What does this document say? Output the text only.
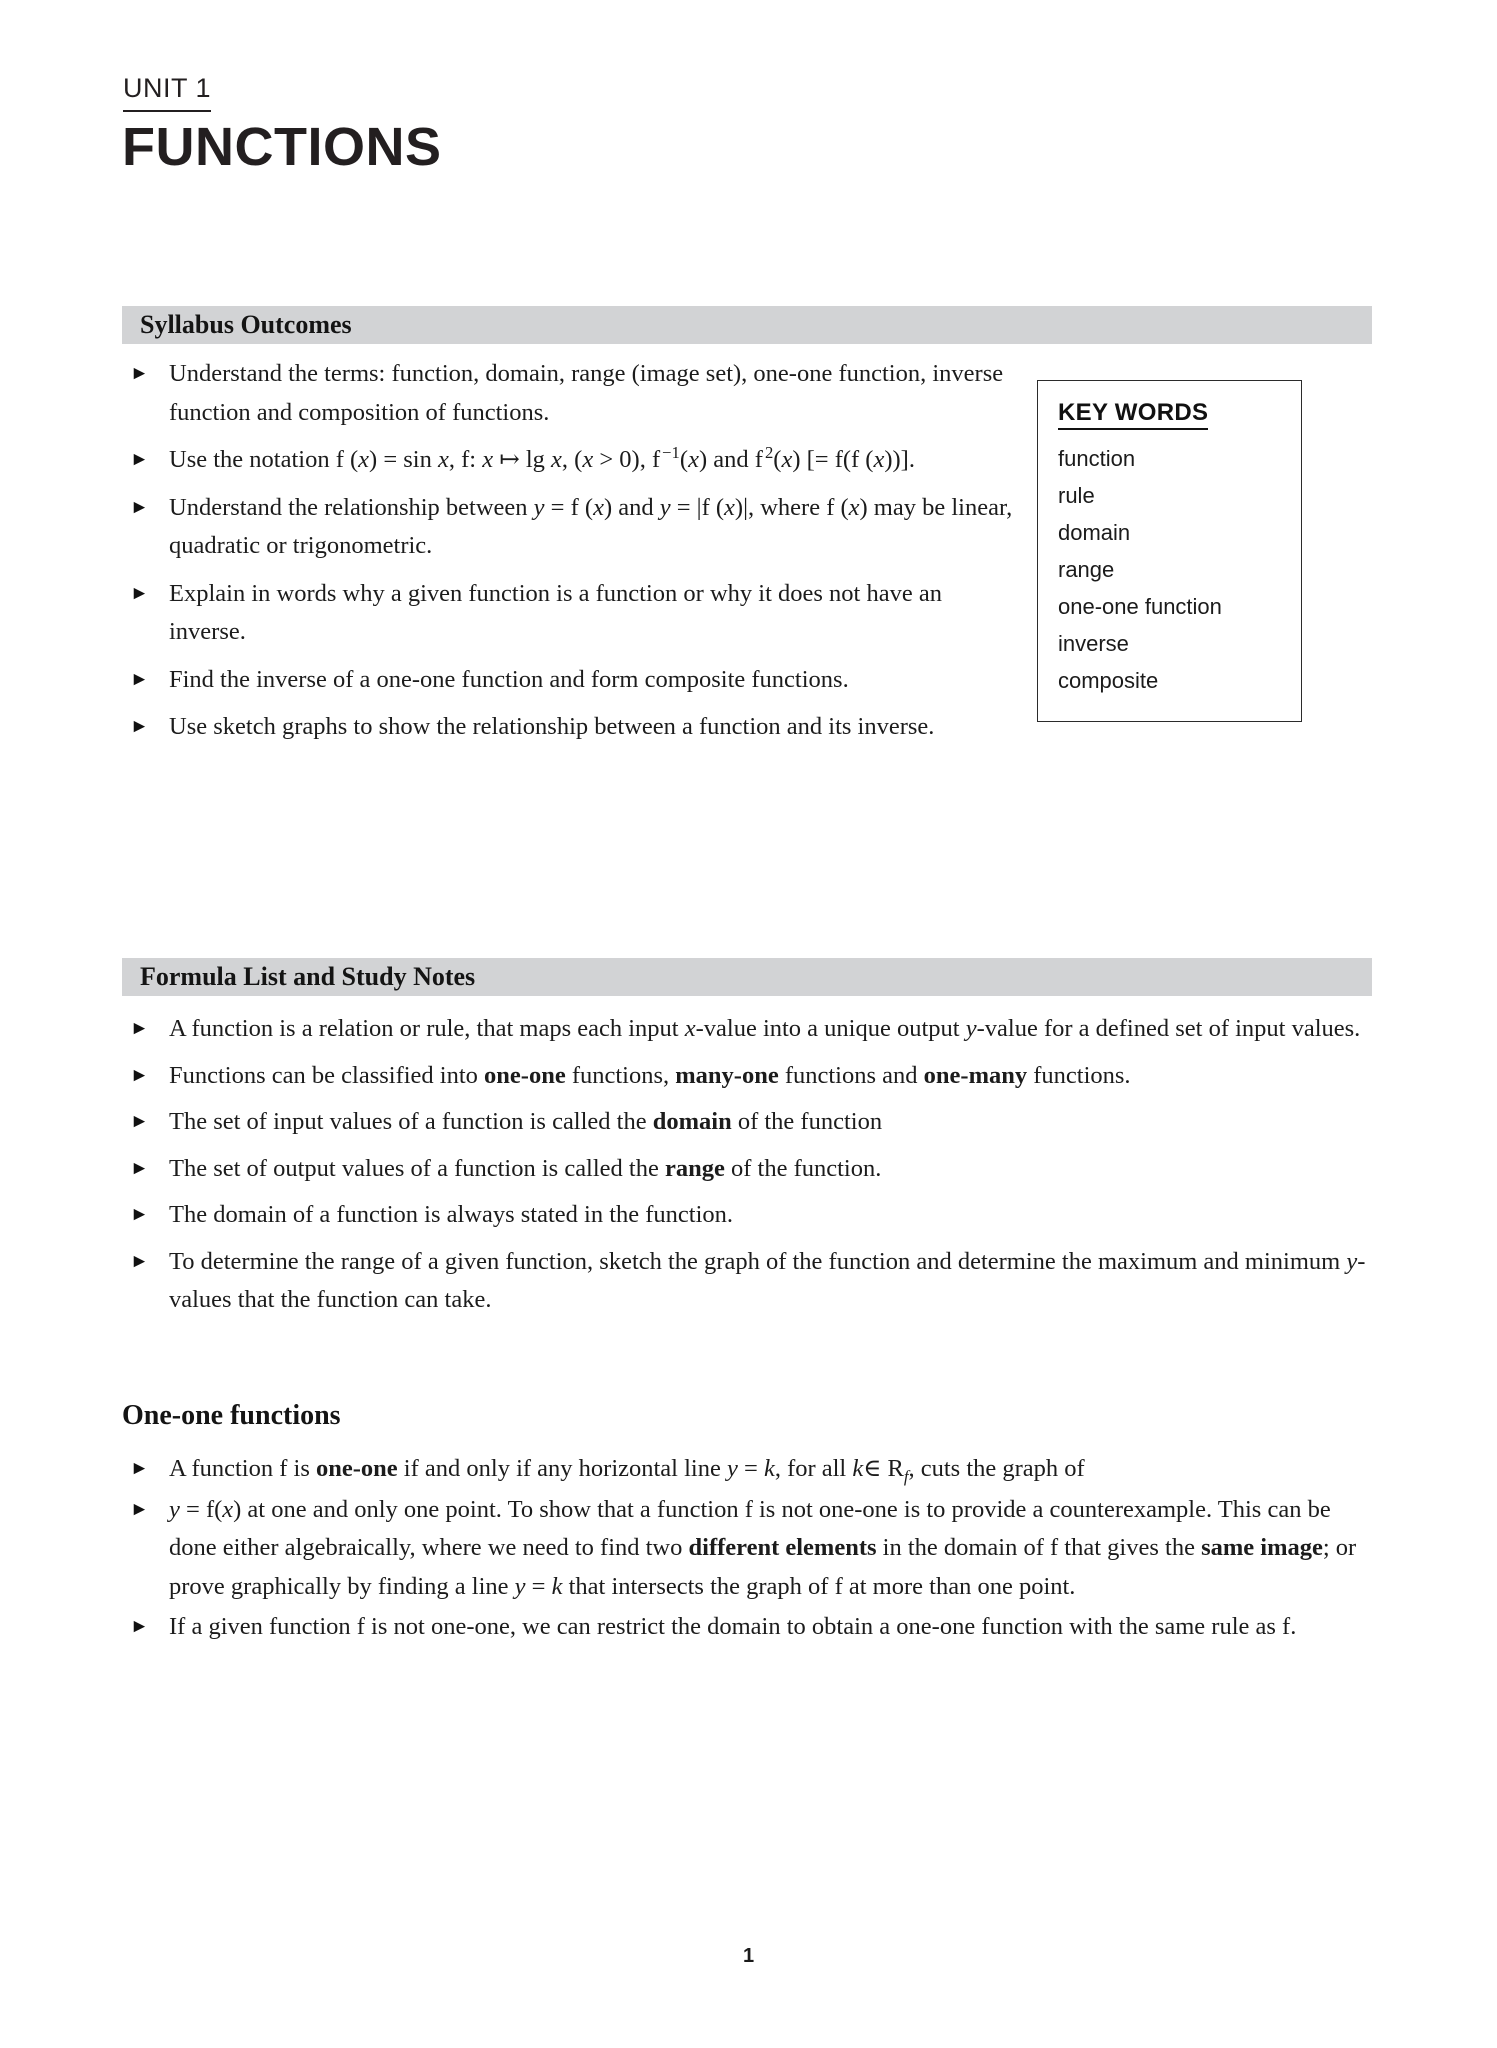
UNIT 1
FUNCTIONS
Syllabus Outcomes
► Understand the terms: function, domain, range (image set), one-one function, inverse function and composition of functions.
► Use the notation f (x) = sin x, f: x ↦ lg x, (x > 0), f $^{-1}$(x) and f $^2$(x) [= f(f (x))].
► Understand the relationship between y = f (x) and y = |f (x)|, where f (x) may be linear, quadratic or trigonometric.
► Explain in words why a given function is a function or why it does not have an inverse.
► Find the inverse of a one-one function and form composite functions.
► Use sketch graphs to show the relationship between a function and its inverse.
KEY WORDS
function
rule
domain
range
one-one function
inverse
composite
Formula List and Study Notes
► A function is a relation or rule, that maps each input x-value into a unique output y-value for a defined set of input values.
► Functions can be classified into one-one functions, many-one functions and one-many functions.
► The set of input values of a function is called the domain of the function
► The set of output values of a function is called the range of the function.
► The domain of a function is always stated in the function.
► To determine the range of a given function, sketch the graph of the function and determine the maximum and minimum y-values that the function can take.
One-one functions
► A function f is one-one if and only if any horizontal line y = k, for all k∈ $R_f$, cuts the graph of
► y = f(x) at one and only one point. To show that a function f is not one-one is to provide a counterexample. This can be done either algebraically, where we need to find two different elements in the domain of f that gives the same image; or prove graphically by finding a line y = k that intersects the graph of f at more than one point.
► If a given function f is not one-one, we can restrict the domain to obtain a one-one function with the same rule as f.
1
